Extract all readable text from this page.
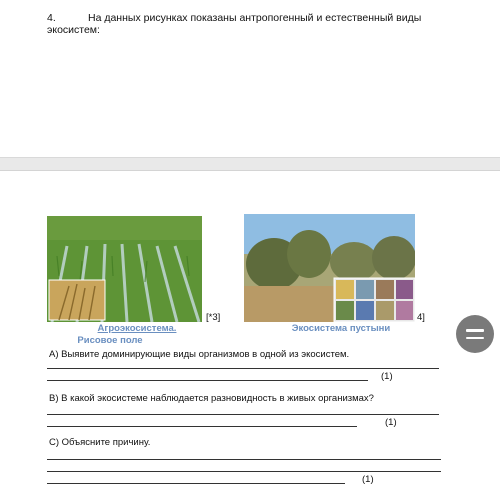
4.	На данных рисунках показаны антропогенный и естественный виды
экосистем:
[*3]	4]
Агроэкосистема.
Рисовое поле
Экосистема пустыни
А) Выявите доминирующие виды организмов в одной из экосистем.
(1)
В) В какой экосистеме наблюдается разновидность в живых организмах?
(1)
С) Объясните причину.
(1)
